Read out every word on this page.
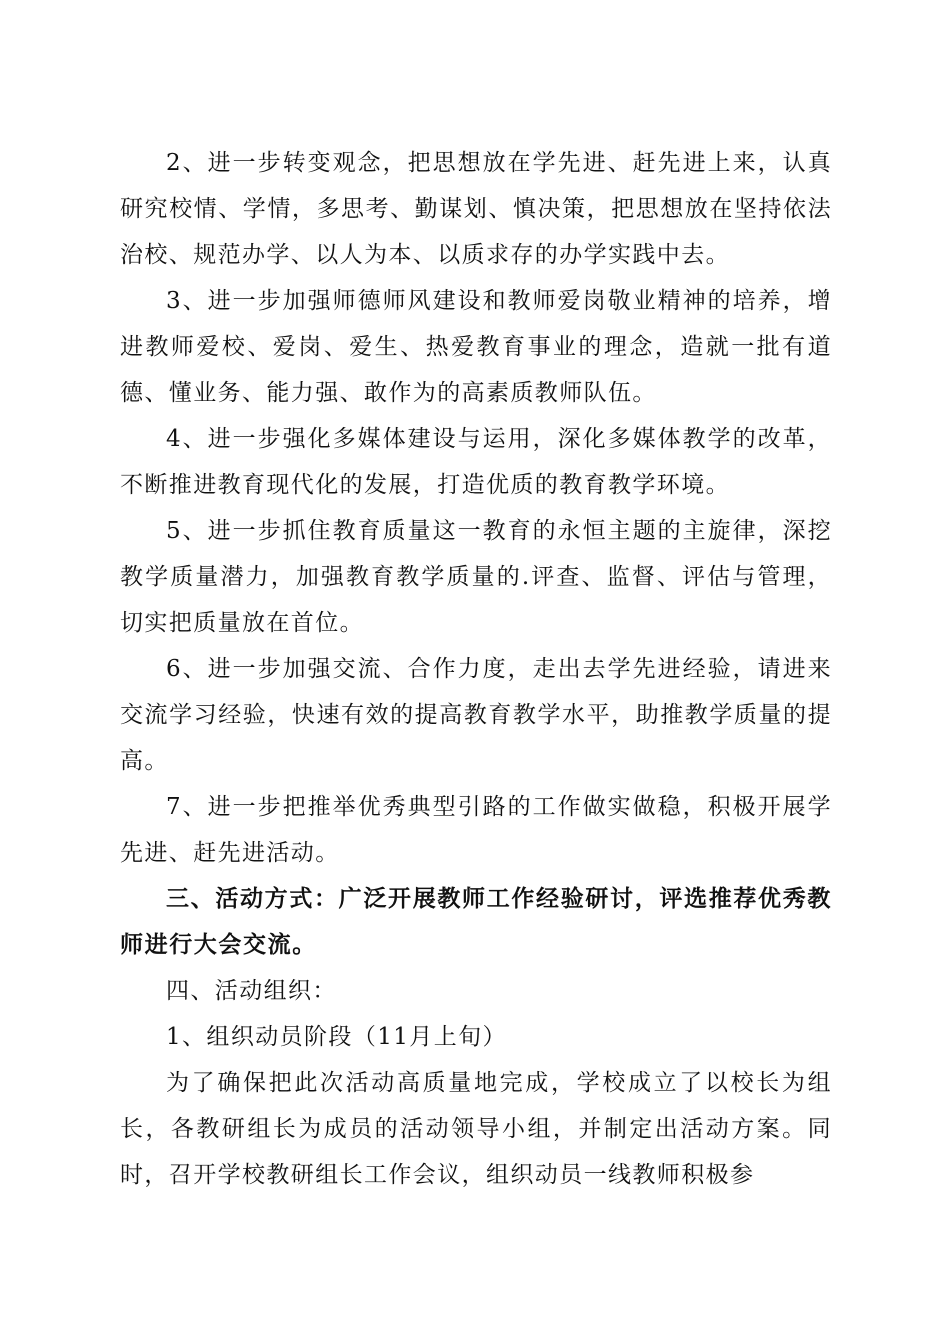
2、进一步转变观念，把思想放在学先进、赶先进上来，认真研究校情、学情，多思考、勤谋划、慎决策，把思想放在坚持依法治校、规范办学、以人为本、以质求存的办学实践中去。

3、进一步加强师德师风建设和教师爱岗敬业精神的培养，增进教师爱校、爱岗、爱生、热爱教育事业的理念，造就一批有道德、懂业务、能力强、敢作为的高素质教师队伍。

4、进一步强化多媒体建设与运用，深化多媒体教学的改革，不断推进教育现代化的发展，打造优质的教育教学环境。

5、进一步抓住教育质量这一教育的永恒主题的主旋律，深挖教学质量潜力，加强教育教学质量的.评查、监督、评估与管理，切实把质量放在首位。

6、进一步加强交流、合作力度，走出去学先进经验，请进来交流学习经验，快速有效的提高教育教学水平，助推教学质量的提高。

7、进一步把推举优秀典型引路的工作做实做稳，积极开展学先进、赶先进活动。

三、活动方式：广泛开展教师工作经验研讨，评选推荐优秀教师进行大会交流。

四、活动组织：

1、组织动员阶段（11月上旬）

为了确保把此次活动高质量地完成，学校成立了以校长为组长，各教研组长为成员的活动领导小组，并制定出活动方案。同时，召开学校教研组长工作会议，组织动员一线教师积极参
